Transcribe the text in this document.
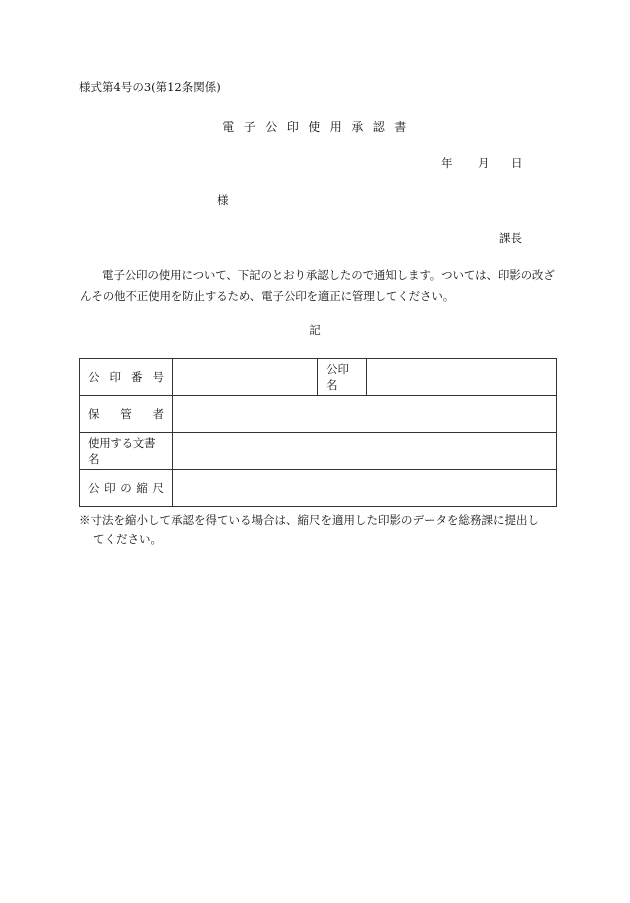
様式第4号の3(第12条関係)
電子公印使用承認書
年 月 日
様
課長
電子公印の使用について、下記のとおり承認したので通知します。ついては、印影の改ざんその他不正使用を防止するため、電子公印を適正に管理してください。
記
公 印 番 号		公印名	

保 管 者			

使用する文書名			

公 印 の 縮 尺			

※寸法を縮小して承認を得ている場合は、縮尺を適用した印影のデータを総務課に提出し
てください。
